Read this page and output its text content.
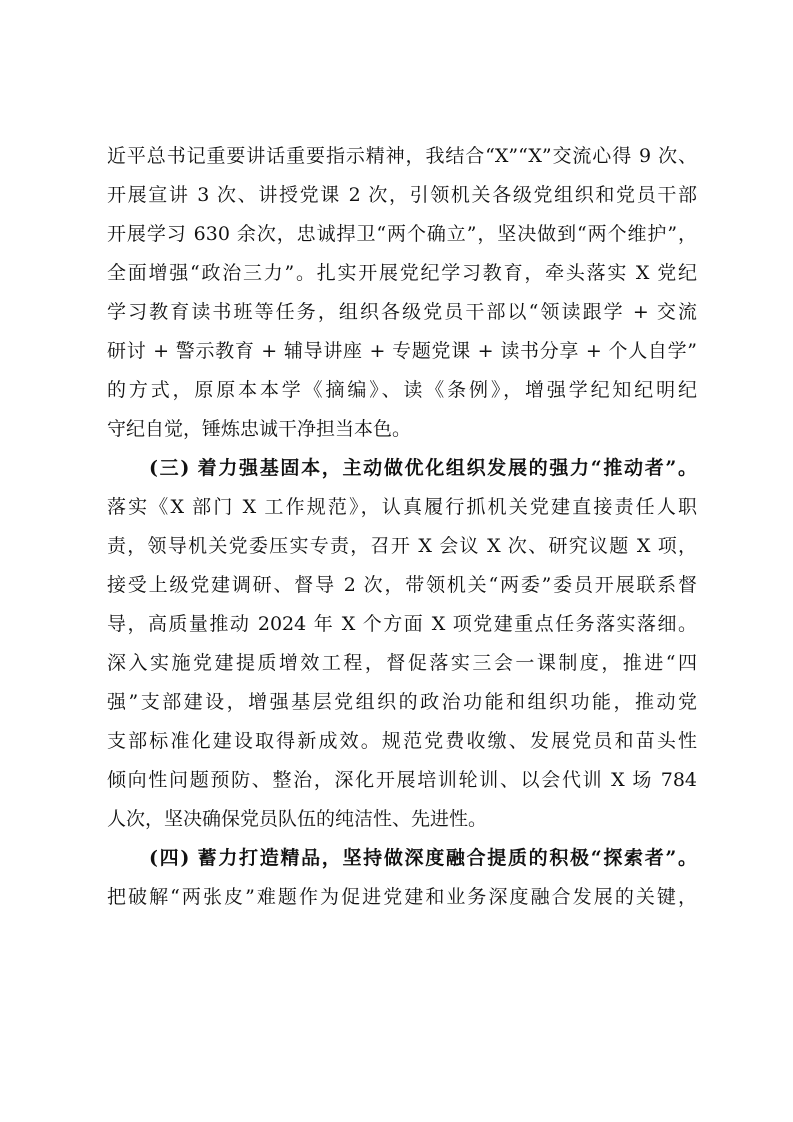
近平总书记重要讲话重要指示精神，我结合“X”“X”交流心得 9 次、
开展宣讲 3 次、讲授党课 2 次，引领机关各级党组织和党员干部
开展学习 630 余次，忠诚捍卫“两个确立”，坚决做到“两个维护”，
全面增强“政治三力”。扎实开展党纪学习教育，牵头落实 X 党纪
学习教育读书班等任务，组织各级党员干部以“领读跟学 + 交流
研讨 + 警示教育 + 辅导讲座 + 专题党课 + 读书分享 + 个人自学”
的方式，原原本本学《摘编》、读《条例》，增强学纪知纪明纪
守纪自觉，锤炼忠诚干净担当本色。
(三) 着力强基固本，主动做优化组织发展的强力“推动者”。
落实《X 部门 X 工作规范》，认真履行抓机关党建直接责任人职
责，领导机关党委压实专责，召开 X 会议 X 次、研究议题 X 项，
接受上级党建调研、督导 2 次，带领机关“两委”委员开展联系督
导，高质量推动 2024 年 X 个方面 X 项党建重点任务落实落细。
深入实施党建提质增效工程，督促落实三会一课制度，推进“四
强”支部建设，增强基层党组织的政治功能和组织功能，推动党
支部标准化建设取得新成效。规范党费收缴、发展党员和苗头性
倾向性问题预防、整治，深化开展培训轮训、以会代训 X 场 784
人次，坚决确保党员队伍的纯洁性、先进性。
(四) 蓄力打造精品，坚持做深度融合提质的积极“探索者”。
把破解“两张皮”难题作为促进党建和业务深度融合发展的关键，
